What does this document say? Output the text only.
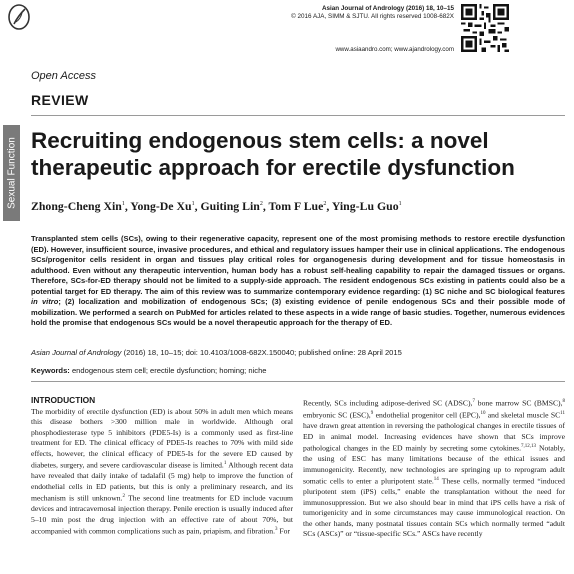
Asian Journal of Andrology (2016) 18, 10–15
© 2016 AJA, SIMM & SJTU. All rights reserved 1008-682X
www.asiaandro.com; www.ajandrology.com
Open Access
REVIEW
Sexual Function Recruiting endogenous stem cells: a novel
therapeutic approach for erectile dysfunction
Zhong-Cheng Xin$^1$, Yong-De Xu$^1$, Guiting Lin$^2$, Tom F Lue$^2$, Ying-Lu Guo$^1$
Transplanted stem cells (SCs), owing to their regenerative capacity, represent one of the most promising methods to restore erectile dysfunction (ED). However, insufficient source, invasive procedures, and ethical and regulatory issues hamper their use in clinical applications. The endogenous SCs/progenitor cells resident in organ and tissues play critical roles for organogenesis during development and for tissue homeostasis in adulthood. Even without any therapeutic intervention, human body has a robust self-healing capability to repair the damaged tissues or organs. Therefore, SCs-for-ED therapy should not be limited to a supply-side approach. The resident endogenous SCs existing in patients could also be a potential target for ED therapy. The aim of this review was to summarize contemporary evidence regarding: (1) SC niche and SC biological features in vitro; (2) localization and mobilization of endogenous SCs; (3) existing evidence of penile endogenous SCs and their possible mode of mobilization. We performed a search on PubMed for articles related to these aspects in a wide range of basic studies. Together, numerous evidences hold the promise that endogenous SCs would be a novel therapeutic approach for the therapy of ED.
Asian Journal of Andrology (2016) 18, 10–15; doi: 10.4103/1008-682X.150040; published online: 28 April 2015
Keywords: endogenous stem cell; erectile dysfunction; homing; niche
INTRODUCTION

The morbidity of erectile dysfunction (ED) is about 50% in adult men which means this disease bothers >300 million male in worldwide. Although oral phosphodiesterase type 5 inhibitors (PDE5-Is) is a commonly used as first-line treatment for ED. The clinical efficacy of PDE5-Is reaches to 70% with mild side effects, however, the clinical efficacy of PDE5-Is for the severe ED caused by diabetes, surgery, and severe cardiovascular disease is limited.$^1$ Although recent data have revealed that daily intake of tadalafil (5 mg) help to improve the function of endothelial cells in ED patients, but this is only a preliminary research, and its mechanism is still unknown.$^2$ The second line treatments for ED include vacuum devices and intracavernosal injection therapy. Penile erection is usually induced after 5–10 min post the drug injection with an effective rate of about 70%, but accompanied with common complications such as pain, priapism, and fibration.$^3$ For

Recently, SCs including adipose-derived SC (ADSC),$^7$ bone marrow SC (BMSC),$^8$ embryonic SC (ESC),$^9$ endothelial progenitor cell (EPC),$^{10}$ and skeletal muscle SC$^{11}$ have drawn great attention in reversing the pathological changes in erectile tissues of ED in animal model. Increasing evidences have shown that SCs improve pathological changes in the ED mainly by secreting some cytokines.$^{7,12,13}$ Notably, the using of ESC has many limitations because of the ethical issues and immunogenicity. Recently, new technologies are springing up to reprogram adult somatic cells to enter a pluripotent state.$^{14}$ These cells, normally termed “induced pluripotent stem (iPS) cells,” enable the transplantation without the need for immunosuppression. But we also should bear in mind that iPS cells have a risk of tumorigenicity and in some circumstances may cause immunological reaction. On the other hands, many postnatal tissues contain SCs which normally termed “adult SCs (ASCs)” or “tissue-specific SCs.” ASCs have recently
